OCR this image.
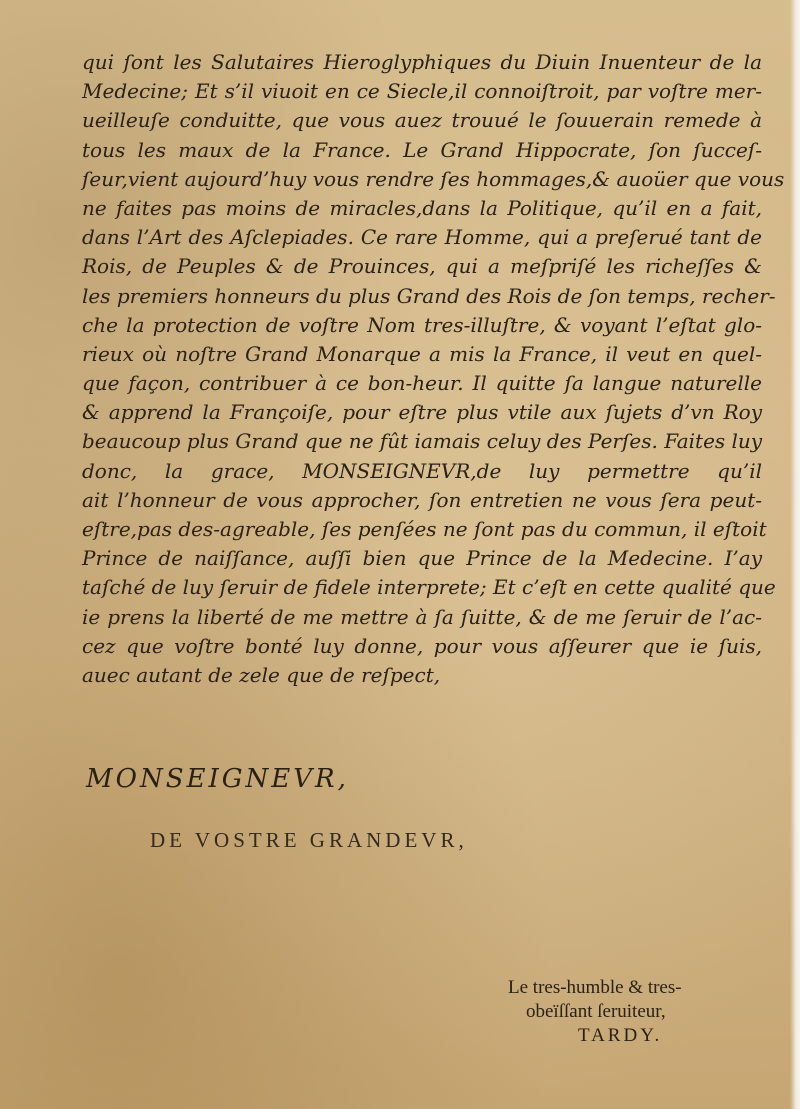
qui ſont les Salutaires Hieroglyphiques du Diuin Inuenteur de la
Medecine; Et s’il viuoit en ce Siecle,il connoiſtroit, par voſtre mer-
ueilleuſe conduitte, que vous auez trouué le ſouuerain remede à
tous les maux de la France. Le Grand Hippocrate, ſon ſucceſ-
ſeur,vient aujourd’huy vous rendre ſes hommages,& auoüer que vous
ne faites pas moins de miracles,dans la Politique, qu’il en a fait,
dans l’Art des Aſclepiades. Ce rare Homme, qui a preſerué tant de
Rois, de Peuples & de Prouinces, qui a meſpriſé les richeſſes &
les premiers honneurs du plus Grand des Rois de ſon temps, recher-
che la protection de voſtre Nom tres-illuſtre, & voyant l’eſtat glo-
rieux où noſtre Grand Monarque a mis la France, il veut en quel-
que façon, contribuer à ce bon-heur. Il quitte ſa langue naturelle
& apprend la Françoiſe, pour eſtre plus vtile aux ſujets d’vn Roy
beaucoup plus Grand que ne fût iamais celuy des Perſes. Faites luy
donc, la grace, MONSEIGNEVR,de luy permettre qu’il
ait l’honneur de vous approcher, ſon entretien ne vous ſera peut-
eſtre,pas des-agreable, ſes penſées ne ſont pas du commun, il eſtoit
Prince de naiſſance, auſſi bien que Prince de la Medecine. I’ay
taſché de luy ſeruir de fidele interprete; Et c’eſt en cette qualité que
ie prens la liberté de me mettre à ſa ſuitte, & de me ſeruir de l’ac-
cez que voſtre bonté luy donne, pour vous aſſeurer que ie ſuis,
auec autant de zele que de reſpect,
MONSEIGNEVR,
DE VOSTRE GRANDEVR,
Le tres-humble & tres-
obeïſſant ſeruiteur,
TARDY.
